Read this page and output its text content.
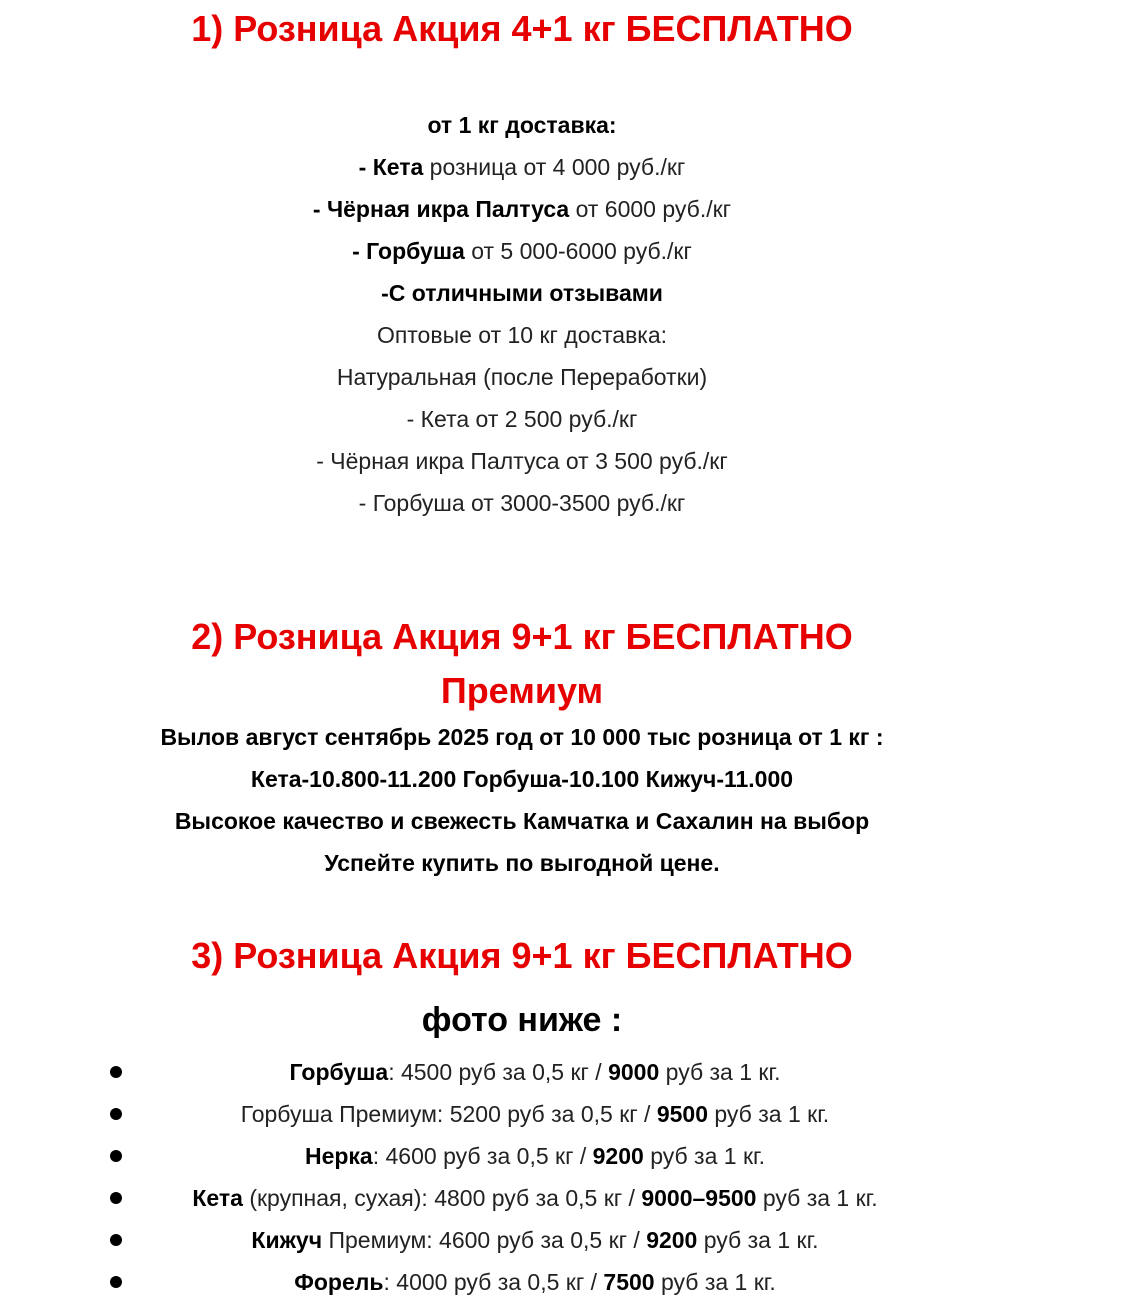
1) Розница Акция 4+1 кг БЕСПЛАТНО
от 1 кг доставка:
- Кета розница от 4 000 руб./кг
- Чёрная икра Палтуса от 6000 руб./кг
- Горбуша от 5 000-6000 руб./кг
-С отличными отзывами
Оптовые от 10 кг доставка:
Натуральная (после Переработки)
- Кета от 2 500 руб./кг
- Чёрная икра Палтуса от 3 500 руб./кг
- Горбуша от 3000-3500 руб./кг
2) Розница Акция 9+1 кг БЕСПЛАТНО
Премиум
Вылов август сентябрь 2025 год от 10 000 тыс розница от 1 кг :
Кета-10.800-11.200 Горбуша-10.100 Кижуч-11.000
Высокое качество и свежесть Камчатка и Сахалин на выбор
Успейте купить по выгодной цене.
3) Розница Акция 9+1 кг БЕСПЛАТНО
фото ниже :
Горбуша: 4500 руб за 0,5 кг / 9000 руб за 1 кг.
Горбуша Премиум: 5200 руб за 0,5 кг / 9500 руб за 1 кг.
Нерка: 4600 руб за 0,5 кг / 9200 руб за 1 кг.
Кета (крупная, сухая): 4800 руб за 0,5 кг / 9000–9500 руб за 1 кг.
Кижуч Премиум: 4600 руб за 0,5 кг / 9200 руб за 1 кг.
Форель: 4000 руб за 0,5 кг / 7500 руб за 1 кг.
